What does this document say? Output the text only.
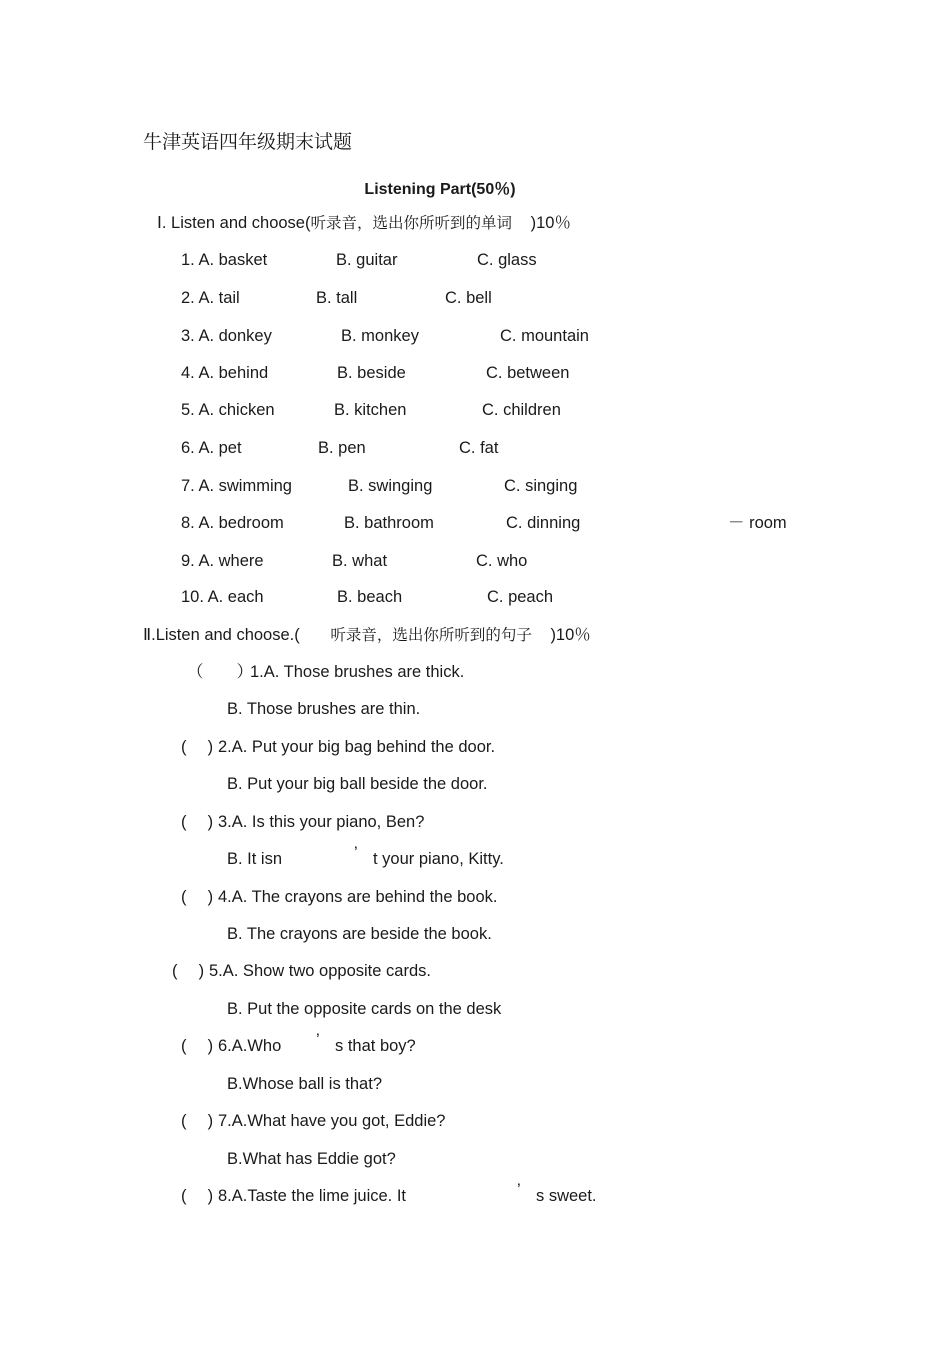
牛津英语四年级期末试题
Listening Part(50％)
Ⅰ. Listen and choose(听录音，选出你所听到的单词 )10％
1. A. basket	B. guitar	C. glass
2. A. tail	B. tall	C. bell
3. A. donkey	B. monkey	C. mountain
4. A. behind	B. beside	C. between
5. A. chicken	B. kitchen	C. children
6. A. pet	B. pen	C. fat
7. A. swimming	B. swinging	C. singing
8. A. bedroom	B. bathroom	C. dinning	－ room
9. A. where	B. what	C. who
10. A. each	B. beach	C. peach
Ⅱ.Listen and choose.( 听录音，选出你所听到的句子 )10％
（　　）
1.A. Those brushes are thick.
B. Those brushes are thin.
(　 ) 2.A. Put your big bag behind the door.
B. Put your big ball beside the door.
(　 ) 3.A. Is this your piano, Ben?
B. It isn	’ t your piano, Kitty.
(　 ) 4.A. The crayons are behind the book.
B. The crayons are beside the book.
(　 ) 5.A. Show two opposite cards.
B. Put the opposite cards on the desk
(　 ) 6.A.Who ’ s that boy?
B.Whose ball is that?
(　 ) 7.A.What have you got, Eddie?
B.What has Eddie got?
(　 ) 8.A.Taste the lime juice. It	’ s sweet.
